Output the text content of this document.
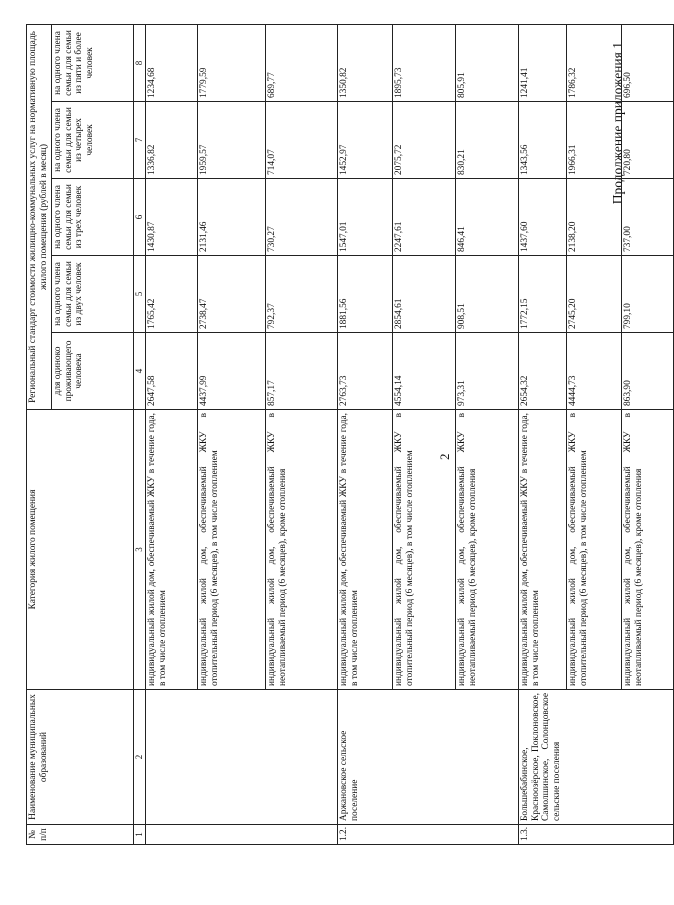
2
Продолжение приложения 1
№ п/п	Наименование муниципальных образований	Категория жилого помещения	Региональный стандарт стоимости жилищно-коммунальных услуг на нормативную площадь жилого помещения (рублей в месяц)				
			для одиноко проживающего человека	на одного члена семьи для семьи из двух человек	на одного члена семьи для семьи из трех человек	на одного члена семьи для семьи из четырех человек	на одного члена семьи для семьи из пяти и более человек
1	2	3	4	5	6	7	8
		индивидуальный жилой дом, обеспечиваемый ЖКУ в течение года, в том числе отоплением	2647,58	1765,42	1430,87	1336,82	1234,68
		индивидуальный жилой дом, обеспечиваемый ЖКУ в отопительный период (6 месяцев), в том числе отоплением	4437,99	2738,47	2131,46	1959,57	1779,59
		индивидуальный жилой дом, обеспечиваемый ЖКУ в неотапливаемый период (6 месяцев), кроме отопления	857,17	792,37	730,27	714,07	689,77
1.2.	Аржановское сельское поселение	индивидуальный жилой дом, обеспечиваемый ЖКУ в течение года, в том числе отоплением	2763,73	1881,56	1547,01	1452,97	1350,82
		индивидуальный жилой дом, обеспечиваемый ЖКУ в отопительный период (6 месяцев), в том числе отоплением	4554,14	2854,61	2247,61	2075,72	1895,73
		индивидуальный жилой дом, обеспечиваемый ЖКУ в неотапливаемый период (6 месяцев), кроме отопления	973,31	908,51	846,41	830,21	805,91
1.3.	Большебабинское, Красноозёрское, Поклоновское, Самолшинское, Солонцовское сельские поселения	индивидуальный жилой дом, обеспечиваемый ЖКУ в течение года, в том числе отоплением	2654,32	1772,15	1437,60	1343,56	1241,41
		индивидуальный жилой дом, обеспечиваемый ЖКУ в отопительный период (6 месяцев), в том числе отоплением	4444,73	2745,20	2138,20	1966,31	1786,32
		индивидуальный жилой дом, обеспечиваемый ЖКУ в неотапливаемый период (6 месяцев), кроме отопления	863,90	799,10	737,00	720,80	696,50
